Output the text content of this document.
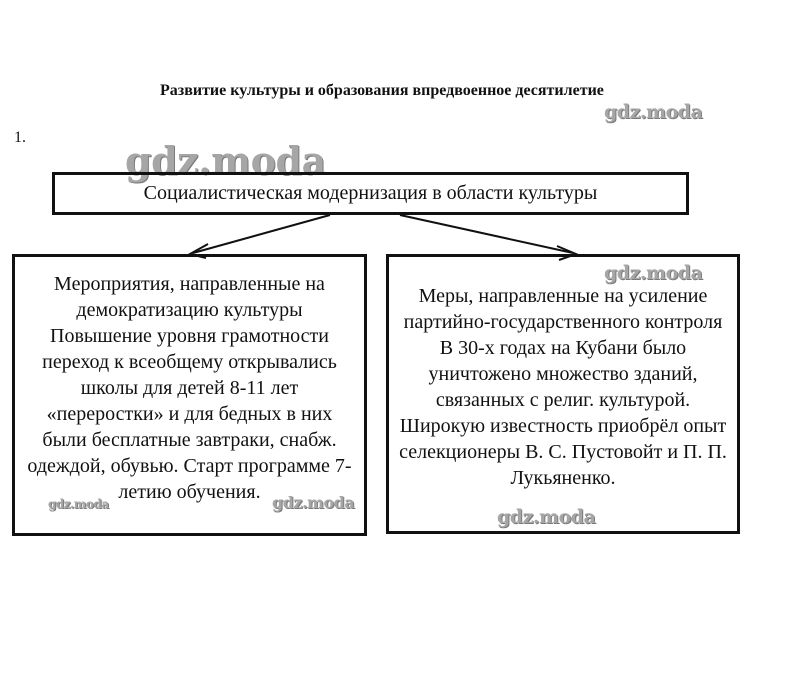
Развитие культуры и образования впредвоенное десятилетие
1.
gdz.moda
gdz.moda
Социалистическая модернизация в области культуры

Мероприятия, направленные на демократизацию культуры

Повышение уровня грамотности переход к всеобщему открывались школы для детей 8-11 лет «переростки» и для бедных в них были бесплатные завтраки, снабж. одеждой, обувью. Старт программе 7-летию обучения.

Меры, направленные на усиление партийно-государственного контроля

В 30-х годах на Кубани было уничтожено множество зданий, связанных с религ. культурой. Широкую известность приобрёл опыт селекционеры В. С. Пустовойт и П. П. Лукьяненко.

gdz.moda
gdz.moda	gdz.moda
gdz.moda
